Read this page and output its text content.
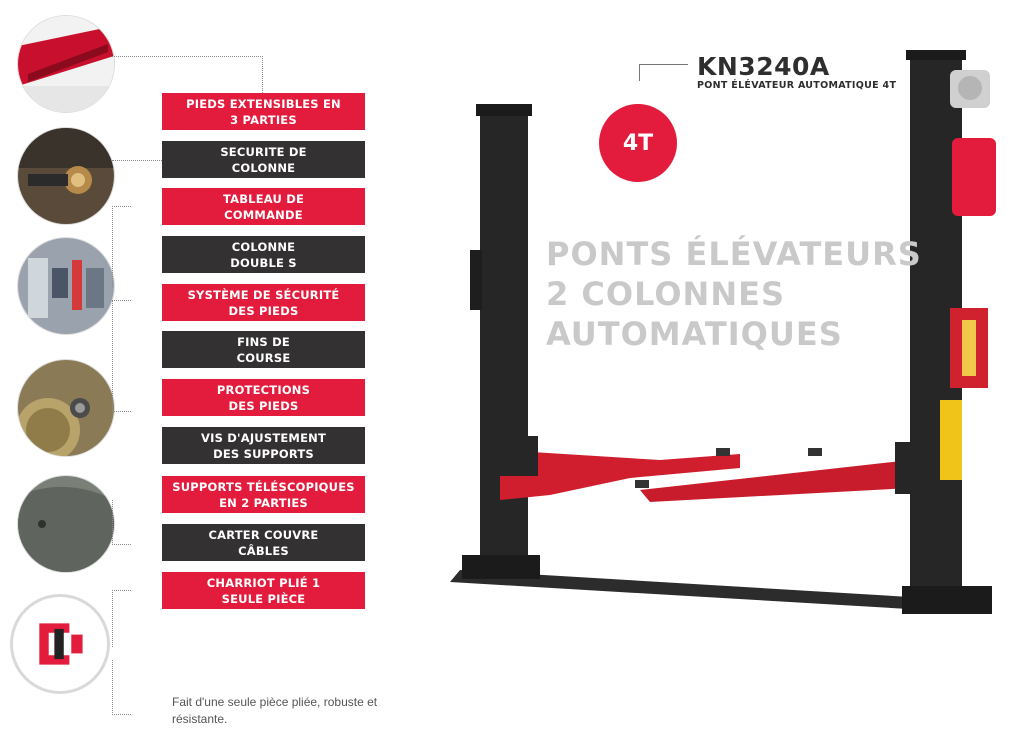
PIEDS EXTENSIBLES EN
3 PARTIES
SECURITE DE
COLONNE
TABLEAU DE
COMMANDE
COLONNE
DOUBLE S
SYSTÈME DE SÉCURITÉ
DES PIEDS
FINS DE
COURSE
PROTECTIONS
DES PIEDS
VIS D'AJUSTEMENT
DES SUPPORTS
SUPPORTS TÉLÉSCOPIQUES
EN 2 PARTIES
CARTER COUVRE
CÂBLES
CHARRIOT PLIÉ 1
SEULE PIÈCE
Fait d'une seule pièce pliée, robuste et résistante.
KN3240A
PONT ÉLÉVATEUR AUTOMATIQUE 4T
4T
PONTS ÉLÉVATEURS
2 COLONNES
AUTOMATIQUES
